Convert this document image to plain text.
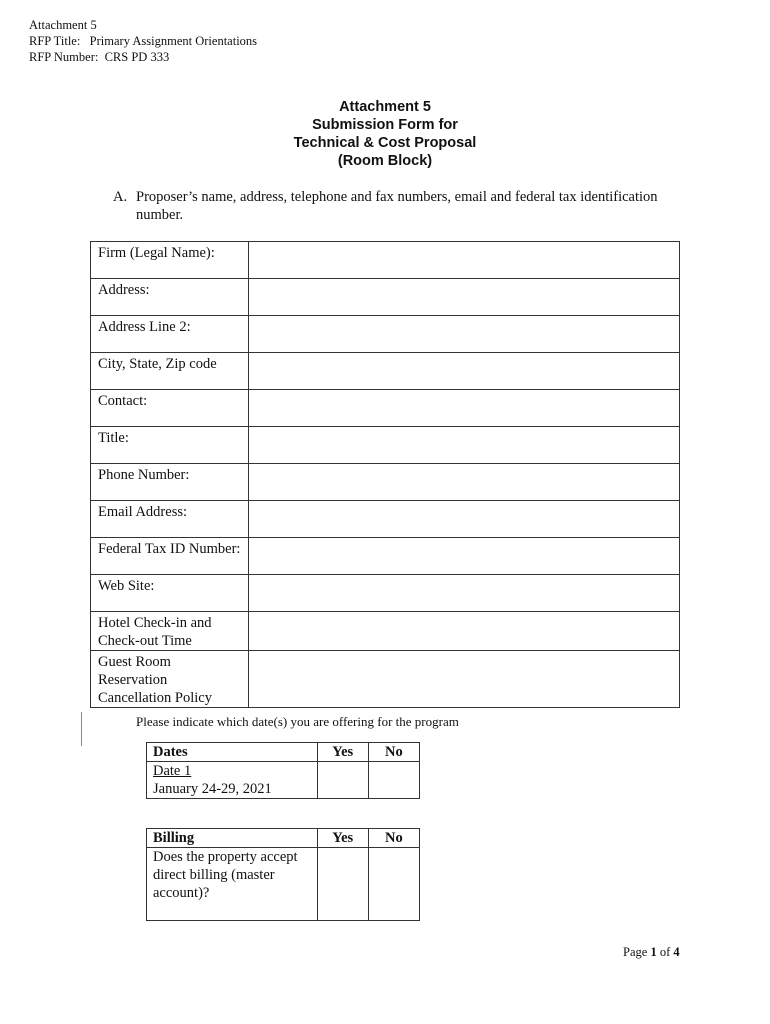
Attachment 5
RFP Title:   Primary Assignment Orientations
RFP Number:  CRS PD 333
Attachment 5
Submission Form for
Technical & Cost Proposal
(Room Block)
A. Proposer’s name, address, telephone and fax numbers, email and federal tax identification number.
Firm (Legal Name):	
Address:	
Address Line 2:	
City, State, Zip code	
Contact:	
Title:	
Phone Number:	
Email Address:	
Federal Tax ID Number:	
Web Site:	
Hotel Check-in and Check-out Time	
Guest Room Reservation Cancellation Policy	
Please indicate which date(s) you are offering for the program
Dates	Yes	No

Date 1
January 24-29, 2021		

Billing	Yes	No
Does the property accept direct billing (master account)?		
Page 1 of 4
